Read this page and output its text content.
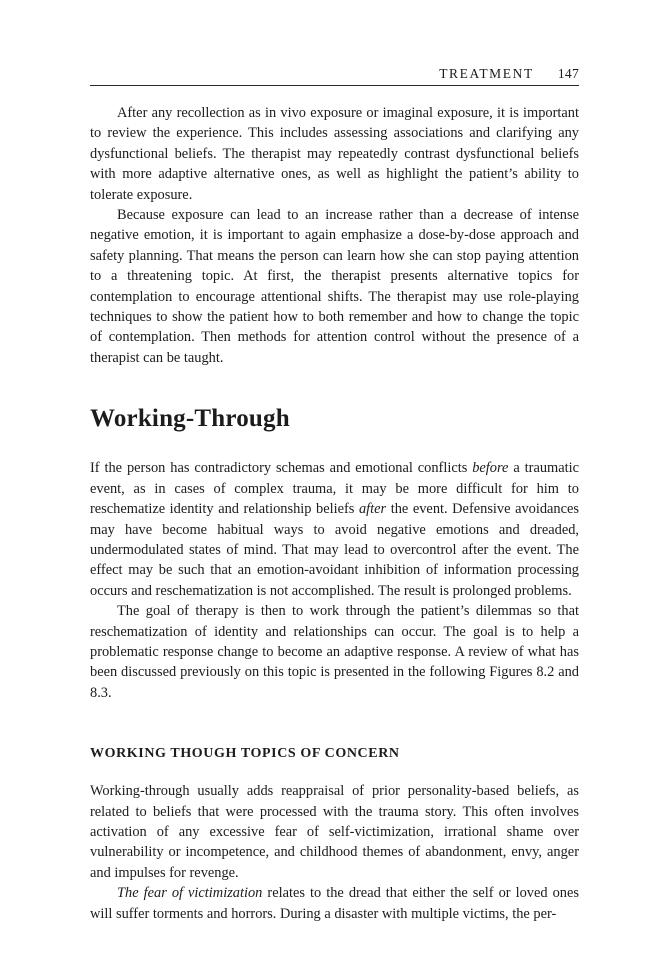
TREATMENT 147

After any recollection as in vivo exposure or imaginal exposure, it is important to review the experience. This includes assessing associations and clarifying any dysfunctional beliefs. The therapist may repeatedly contrast dysfunctional beliefs with more adaptive alternative ones, as well as highlight the patient’s ability to tolerate exposure.

Because exposure can lead to an increase rather than a decrease of intense negative emotion, it is important to again emphasize a dose-by-dose approach and safety planning. That means the person can learn how she can stop paying attention to a threatening topic. At first, the therapist presents alternative topics for contemplation to encourage attentional shifts. The therapist may use role-playing techniques to show the patient how to both remember and how to change the topic of contemplation. Then methods for attention control without the presence of a therapist can be taught.

Working-Through

If the person has contradictory schemas and emotional conflicts before a traumatic event, as in cases of complex trauma, it may be more difficult for him to reschematize identity and relationship beliefs after the event. Defensive avoidances may have become habitual ways to avoid negative emotions and dreaded, undermodulated states of mind. That may lead to overcontrol after the event. The effect may be such that an emotion-avoidant inhibition of information processing occurs and reschematization is not accomplished. The result is prolonged problems.

The goal of therapy is then to work through the patient’s dilemmas so that reschematization of identity and relationships can occur. The goal is to help a problematic response change to become an adaptive response. A review of what has been discussed previously on this topic is presented in the following Figures 8.2 and 8.3.

WORKING THOUGH TOPICS OF CONCERN

Working-through usually adds reappraisal of prior personality-based beliefs, as related to beliefs that were processed with the trauma story. This often involves activation of any excessive fear of self-victimization, irrational shame over vulnerability or incompetence, and childhood themes of abandonment, envy, anger and impulses for revenge.

The fear of victimization relates to the dread that either the self or loved ones will suffer torments and horrors. During a disaster with multiple victims, the per-
